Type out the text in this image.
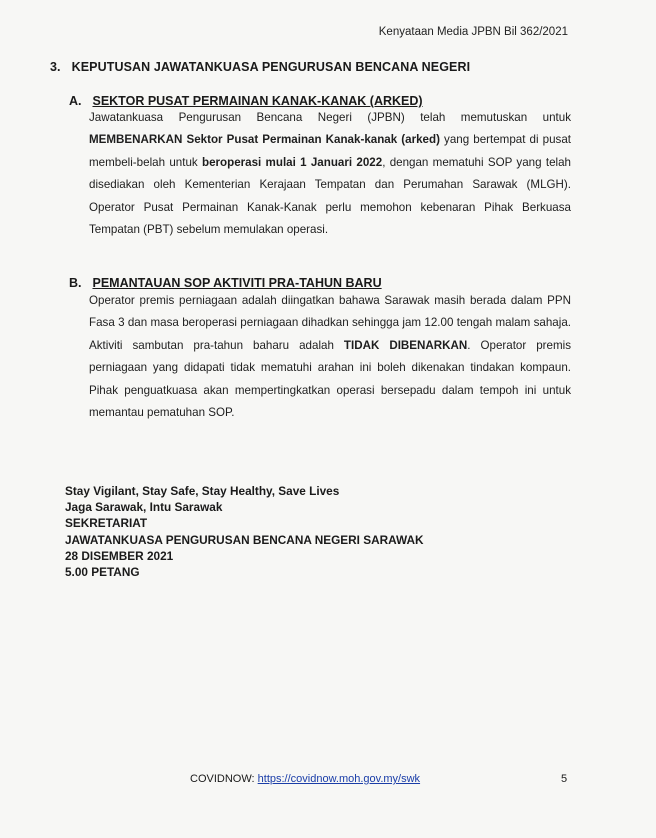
Kenyataan Media JPBN Bil 362/2021
3. KEPUTUSAN JAWATANKUASA PENGURUSAN BENCANA NEGERI
A. SEKTOR PUSAT PERMAINAN KANAK-KANAK (ARKED)
Jawatankuasa Pengurusan Bencana Negeri (JPBN) telah memutuskan untuk MEMBENARKAN Sektor Pusat Permainan Kanak-kanak (arked) yang bertempat di pusat membeli-belah untuk beroperasi mulai 1 Januari 2022, dengan mematuhi SOP yang telah disediakan oleh Kementerian Kerajaan Tempatan dan Perumahan Sarawak (MLGH). Operator Pusat Permainan Kanak-Kanak perlu memohon kebenaran Pihak Berkuasa Tempatan (PBT) sebelum memulakan operasi.
B. PEMANTAUAN SOP AKTIVITI PRA-TAHUN BARU
Operator premis perniagaan adalah diingatkan bahawa Sarawak masih berada dalam PPN Fasa 3 dan masa beroperasi perniagaan dihadkan sehingga jam 12.00 tengah malam sahaja. Aktiviti sambutan pra-tahun baharu adalah TIDAK DIBENARKAN. Operator premis perniagaan yang didapati tidak mematuhi arahan ini boleh dikenakan tindakan kompaun. Pihak penguatkuasa akan mempertingkatkan operasi bersepadu dalam tempoh ini untuk memantau pematuhan SOP.
Stay Vigilant, Stay Safe, Stay Healthy, Save Lives
Jaga Sarawak, Intu Sarawak
SEKRETARIAT
JAWATANKUASA PENGURUSAN BENCANA NEGERI SARAWAK
28 DISEMBER 2021
5.00 PETANG
COVIDNOW: https://covidnow.moh.gov.my/swk	5
